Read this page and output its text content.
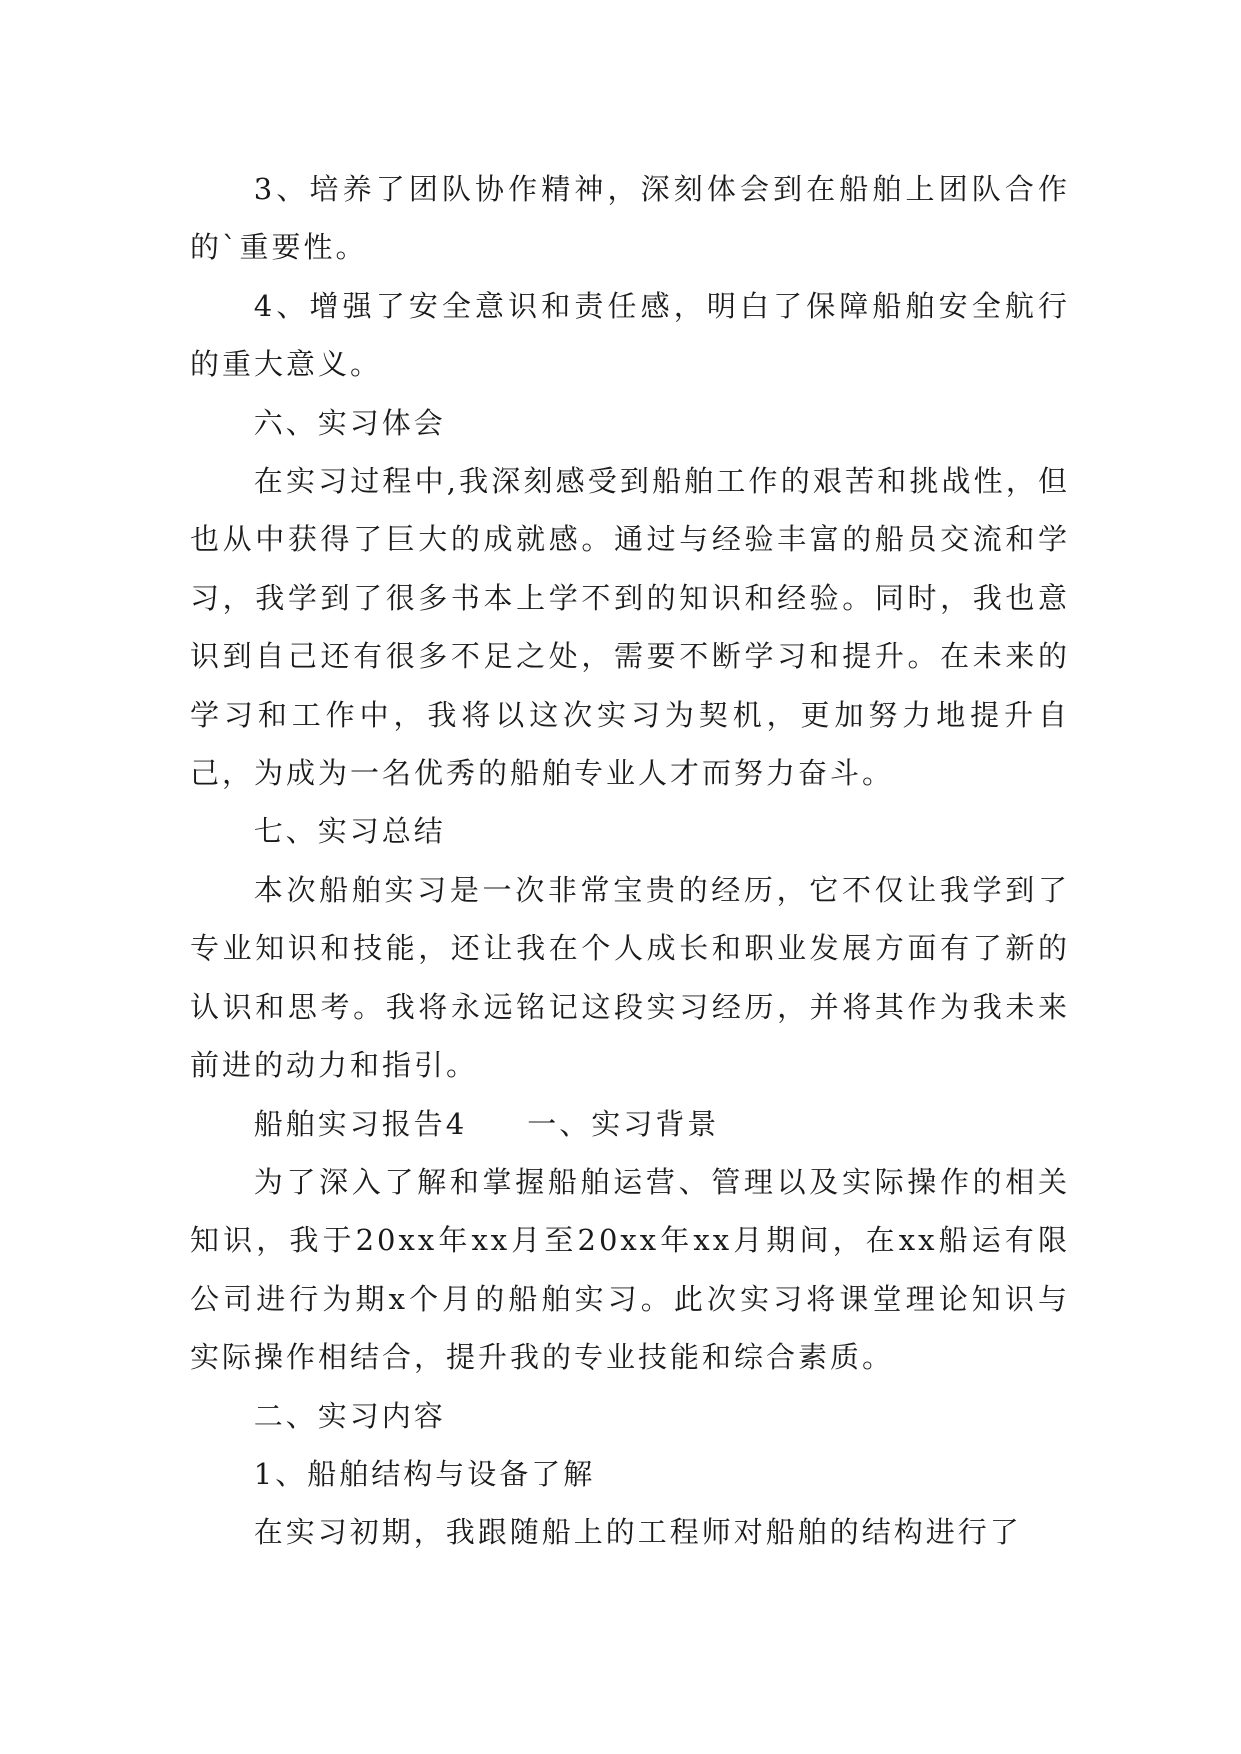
3、培养了团队协作精神，深刻体会到在船舶上团队合作的`重要性。

4、增强了安全意识和责任感，明白了保障船舶安全航行的重大意义。

六、实习体会

在实习过程中,我深刻感受到船舶工作的艰苦和挑战性，但也从中获得了巨大的成就感。通过与经验丰富的船员交流和学习，我学到了很多书本上学不到的知识和经验。同时，我也意识到自己还有很多不足之处，需要不断学习和提升。在未来的学习和工作中，我将以这次实习为契机，更加努力地提升自己，为成为一名优秀的船舶专业人才而努力奋斗。

七、实习总结

本次船舶实习是一次非常宝贵的经历，它不仅让我学到了专业知识和技能，还让我在个人成长和职业发展方面有了新的认识和思考。我将永远铭记这段实习经历，并将其作为我未来前进的动力和指引。

船舶实习报告4 一、实习背景

为了深入了解和掌握船舶运营、管理以及实际操作的相关知识，我于20xx年xx月至20xx年xx月期间，在xx船运有限公司进行为期x个月的船舶实习。此次实习将课堂理论知识与实际操作相结合，提升我的专业技能和综合素质。

二、实习内容

1、船舶结构与设备了解

在实习初期，我跟随船上的工程师对船舶的结构进行了
